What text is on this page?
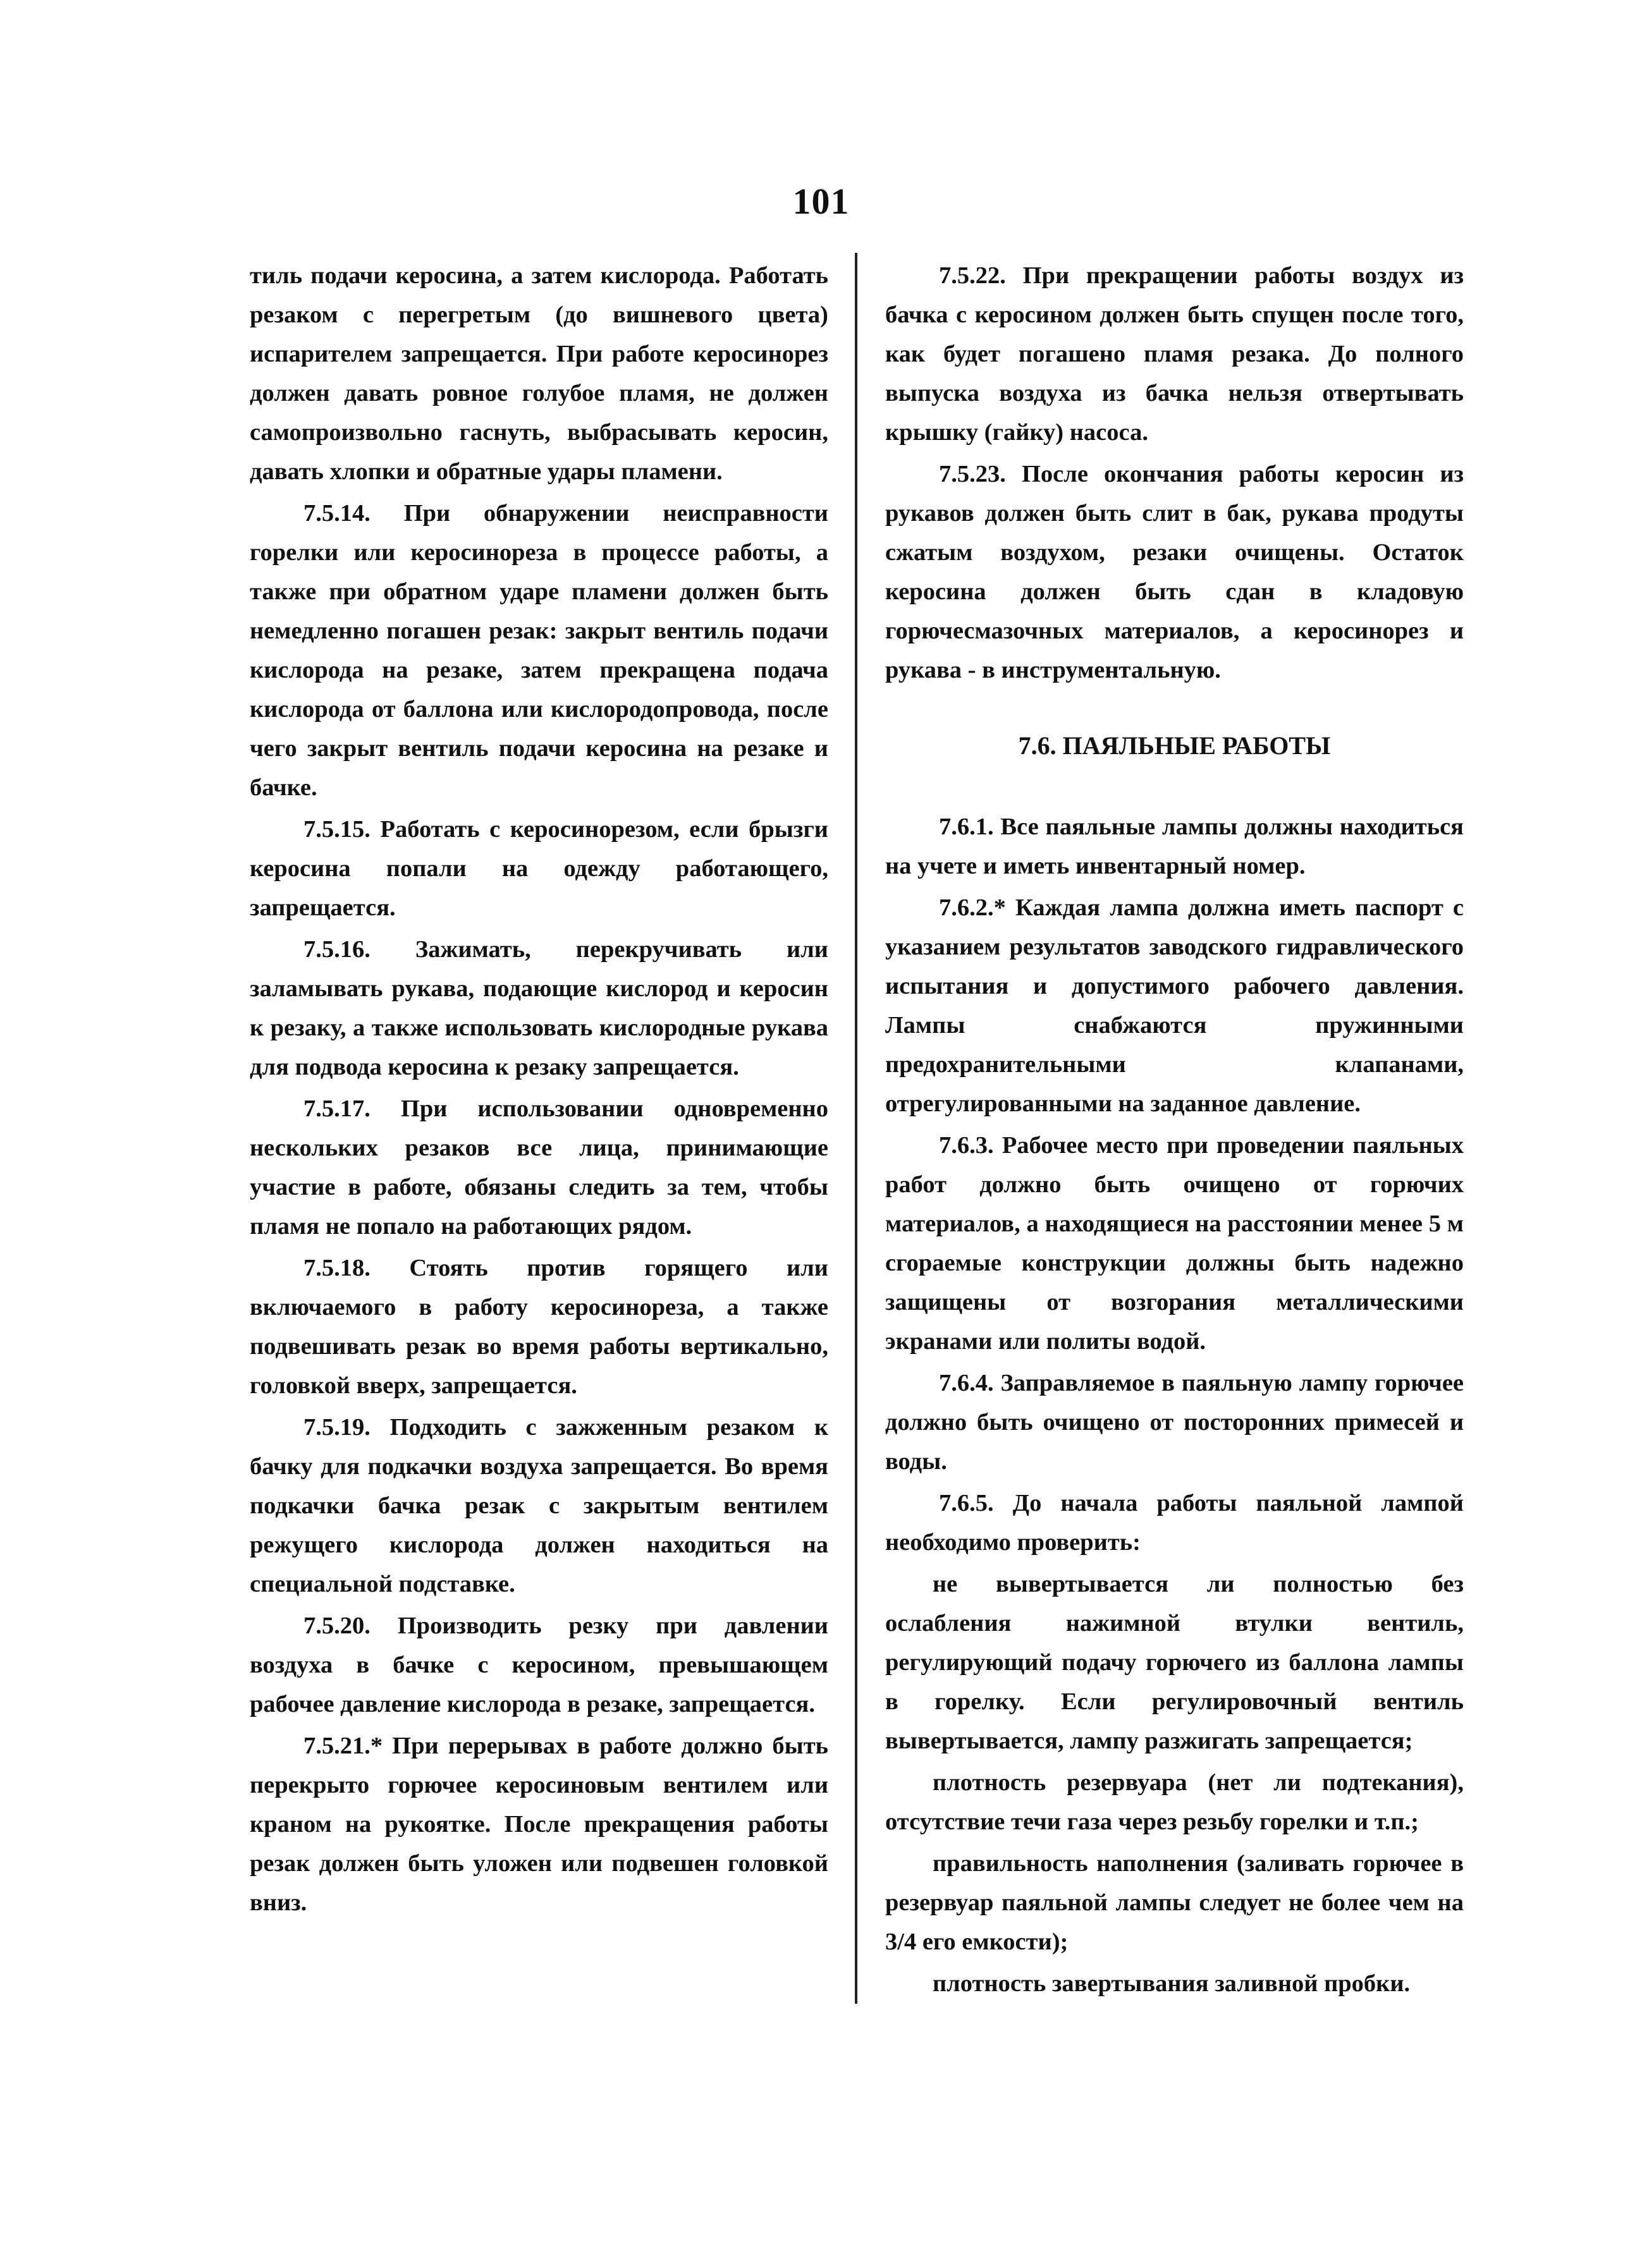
101

тиль подачи керосина, а затем кислорода. Работать резаком с перегретым (до вишневого цвета) испарителем запрещается. При работе керосинорез должен давать ровное голубое пламя, не должен самопроизвольно гаснуть, выбрасывать керосин, давать хлопки и обратные удары пламени.

7.5.14. При обнаружении неисправности горелки или керосинореза в процессе работы, а также при обратном ударе пламени должен быть немедленно погашен резак: закрыт вентиль подачи кислорода на резаке, затем прекращена подача кислорода от баллона или кислородопровода, после чего закрыт вентиль подачи керосина на резаке и бачке.

7.5.15. Работать с керосинорезом, если брызги керосина попали на одежду работающего, запрещается.

7.5.16. Зажимать, перекручивать или заламывать рукава, подающие кислород и керосин к резаку, а также использовать кислородные рукава для подвода керосина к резаку запрещается.

7.5.17. При использовании одновременно нескольких резаков все лица, принимающие участие в работе, обязаны следить за тем, чтобы пламя не попало на работающих рядом.

7.5.18. Стоять против горящего или включаемого в работу керосинореза, а также подвешивать резак во время работы вертикально, головкой вверх, запрещается.

7.5.19. Подходить с зажженным резаком к бачку для подкачки воздуха запрещается. Во время подкачки бачка резак с закрытым вентилем режущего кислорода должен находиться на специальной подставке.

7.5.20. Производить резку при давлении воздуха в бачке с керосином, превышающем рабочее давление кислорода в резаке, запрещается.

7.5.21.* При перерывах в работе должно быть перекрыто горючее керосиновым вентилем или краном на рукоятке. После прекращения работы резак должен быть уложен или подвешен головкой вниз.

7.5.22. При прекращении работы воздух из бачка с керосином должен быть спущен после того, как будет погашено пламя резака. До полного выпуска воздуха из бачка нельзя отвертывать крышку (гайку) насоса.

7.5.23. После окончания работы керосин из рукавов должен быть слит в бак, рукава продуты сжатым воздухом, резаки очищены. Остаток керосина должен быть сдан в кладовую горючесмазочных материалов, а керосинорез и рукава - в инструментальную.

7.6. ПАЯЛЬНЫЕ РАБОТЫ

7.6.1. Все паяльные лампы должны находиться на учете и иметь инвентарный номер.

7.6.2.* Каждая лампа должна иметь паспорт с указанием результатов заводского гидравлического испытания и допустимого рабочего давления. Лампы снабжаются пружинными предохранительными клапанами, отрегулированными на заданное давление.

7.6.3. Рабочее место при проведении паяльных работ должно быть очищено от горючих материалов, а находящиеся на расстоянии менее 5 м сгораемые конструкции должны быть надежно защищены от возгорания металлическими экранами или политы водой.

7.6.4. Заправляемое в паяльную лампу горючее должно быть очищено от посторонних примесей и воды.

7.6.5. До начала работы паяльной лампой необходимо проверить:

не вывертывается ли полностью без ослабления нажимной втулки вентиль, регулирующий подачу горючего из баллона лампы в горелку. Если регулировочный вентиль вывертывается, лампу разжигать запрещается;

плотность резервуара (нет ли подтекания), отсутствие течи газа через резьбу горелки и т.п.;

правильность наполнения (заливать горючее в резервуар паяльной лампы следует не более чем на 3/4 его емкости);

плотность завертывания заливной пробки.
